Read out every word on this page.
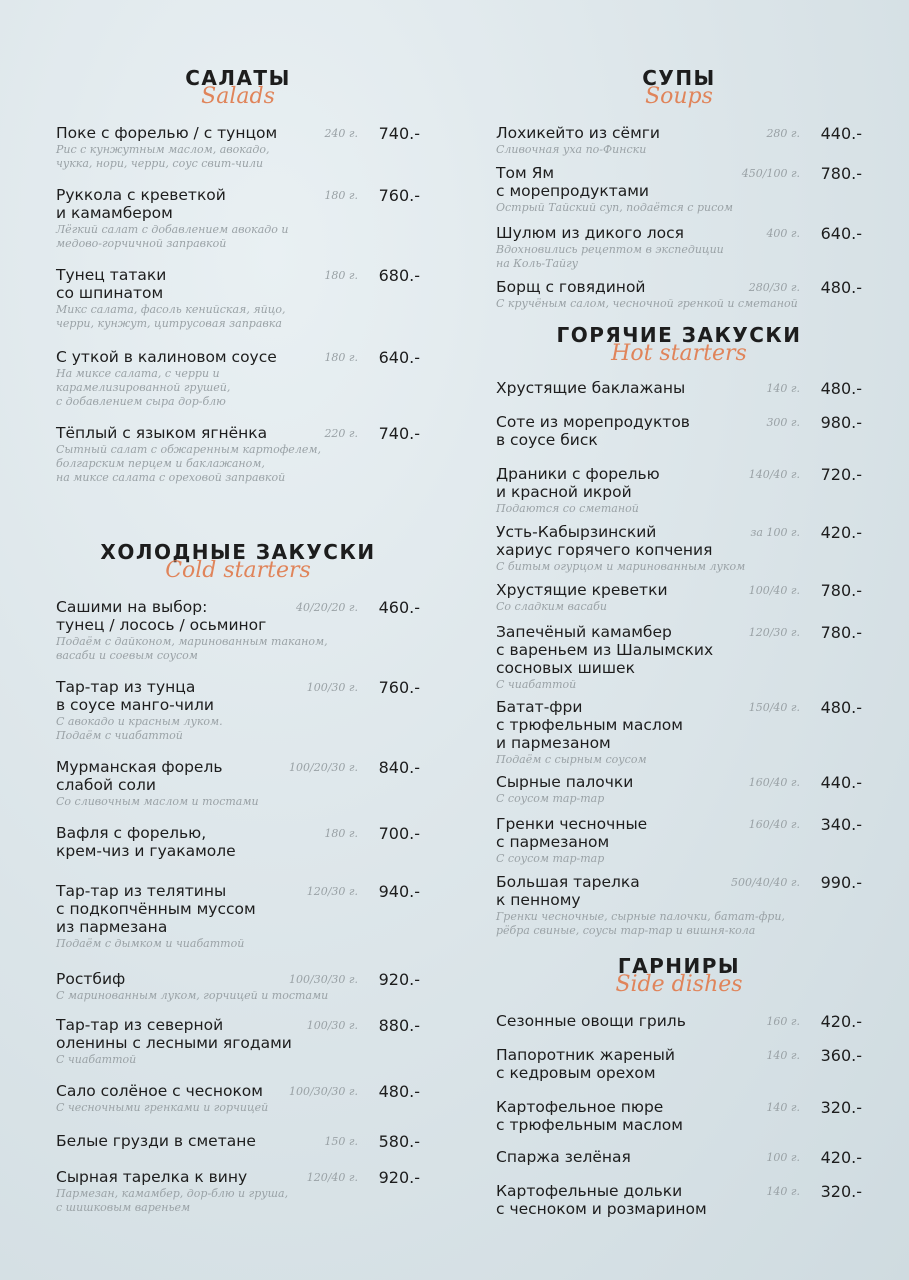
САЛАТЫ
Salads
Поке с форелью / с тунцом	240 г. 740.-
Рис с кунжутным маслом, авокадо,
чукка, нори, черри, соус свит-чили
Руккола с креветкой
и камамбером
180 г. 760.-
Лёгкий салат с добавлением авокадо и
медово-горчичной заправкой
Тунец татаки
со шпинатом
180 г. 680.-
Микс салата, фасоль кенийская, яйцо,
черри, кунжут, цитрусовая заправка
С уткой в калиновом соусе	180 г. 640.-
На миксе салата, с черри и
карамелизированной грушей,
с добавлением сыра дор-блю
Тёплый с языком ягнёнка	220 г. 740.-
Сытный салат с обжаренным картофелем,
болгарским перцем и баклажаном,
на миксе салата с ореховой заправкой
ХОЛОДНЫЕ ЗАКУСКИ
Cold starters
Сашими на выбор:
тунец / лосось / осьминог
40/20/20 г. 460.-
Подаём с дайконом, маринованным таканом,
васаби и соевым соусом
Тар-тар из тунца
в соусе манго-чили
100/30 г. 760.-
С авокадо и красным луком.
Подаём с чиабаттой
Мурманская форель
слабой соли
100/20/30 г. 840.-
Со сливочным маслом и тостами
Вафля с форелью,
крем-чиз и гуакамоле
180 г. 700.-
Тар-тар из телятины
с подкопчённым муссом
из пармезана
120/30 г. 940.-
Подаём с дымком и чиабаттой
Ростбиф	100/30/30 г. 920.-
С маринованным луком, горчицей и тостами
Тар-тар из северной
оленины с лесными ягодами
100/30 г. 880.-
С чиабаттой
Сало солёное с чесноком	100/30/30 г. 480.-
С чесночными гренками и горчицей
Белые грузди в сметане	150 г. 580.-
Сырная тарелка к вину	120/40 г. 920.-
Пармезан, камамбер, дор-блю и груша,
с шишковым вареньем
СУПЫ
Soups
Лохикейто из сёмги	280 г. 440.-
Сливочная уха по-Фински
Том Ям
с морепродуктами
450/100 г. 780.-
Острый Тайский суп, подаётся с рисом
Шулюм из дикого лося	400 г. 640.-
Вдохновились рецептом в экспедиции
на Коль-Тайгу
Борщ с говядиной	280/30 г. 480.-
С кручёным салом, чесночной гренкой и сметаной
ГОРЯЧИЕ ЗАКУСКИ
Hot starters
Хрустящие баклажаны	140 г. 480.-
Соте из морепродуктов
в соусе биск
300 г. 980.-
Драники с форелью
и красной икрой
140/40 г. 720.-
Подаются со сметаной
Усть-Кабырзинский
хариус горячего копчения
за 100 г. 420.-
С битым огурцом и маринованным луком
Хрустящие креветки	100/40 г. 780.-
Со сладким васаби
Запечёный камамбер
с вареньем из Шалымских
сосновых шишек
120/30 г. 780.-
С чиабаттой
Батат-фри
с трюфельным маслом
и пармезаном
150/40 г. 480.-
Подаём с сырным соусом
Сырные палочки	160/40 г. 440.-
С соусом тар-тар
Гренки чесночные
с пармезаном
160/40 г. 340.-
С соусом тар-тар
Большая тарелка
к пенному
500/40/40 г. 990.-
Гренки чесночные, сырные палочки, батат-фри,
рёбра свиные, соусы тар-тар и вишня-кола
ГАРНИРЫ
Side dishes
Сезонные овощи гриль	160 г. 420.-
Папоротник жареный
с кедровым орехом
140 г. 360.-
Картофельное пюре
с трюфельным маслом
140 г. 320.-
Спаржа зелёная	100 г. 420.-
Картофельные дольки
с чесноком и розмарином
140 г. 320.-
